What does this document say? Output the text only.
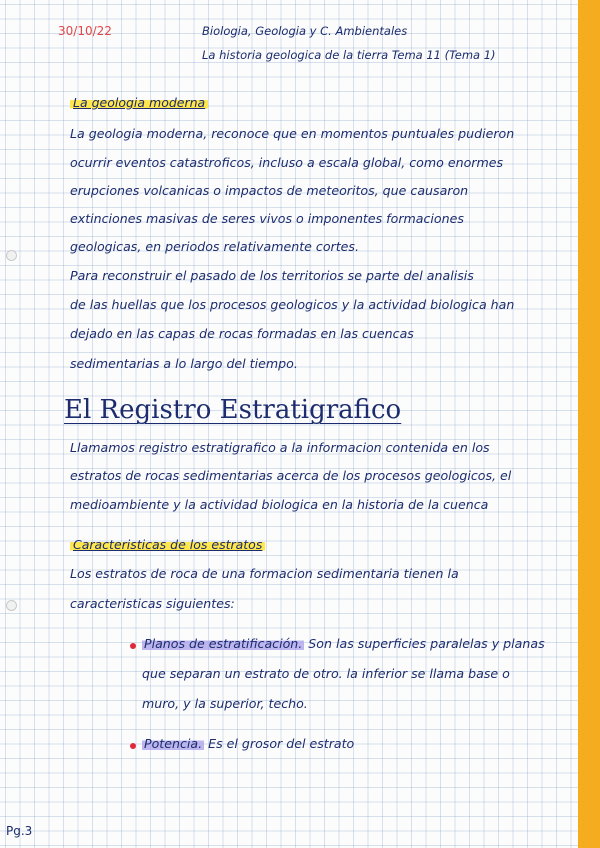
30/10/22	Biologia, Geologia y C. Ambientales
La historia geologica de la tierra Tema 11 (Tema 1)
La geologia moderna
La geologia moderna, reconoce que en momentos puntuales pudieron
ocurrir eventos catastroficos, incluso a escala global, como enormes
erupciones volcanicas o impactos de meteoritos, que causaron
extinciones masivas de seres vivos o imponentes formaciones
geologicas, en periodos relativamente cortes.
Para reconstruir el pasado de los territorios se parte del analisis
de las huellas que los procesos geologicos y la actividad biologica han
dejado en las capas de rocas formadas en las cuencas
sedimentarias a lo largo del tiempo.
El Registro Estratigrafico
Llamamos registro estratigrafico a la informacion contenida en los
estratos de rocas sedimentarias acerca de los procesos geologicos, el
medioambiente y la actividad biologica en la historia de la cuenca
Caracteristicas de los estratos
Los estratos de roca de una formacion sedimentaria tienen la
caracteristicas siguientes:
Planos de estratificación. Son las superficies paralelas y planas
que separan un estrato de otro. la inferior se llama base o
muro, y la superior, techo.
Potencia. Es el grosor del estrato
Pg.3
